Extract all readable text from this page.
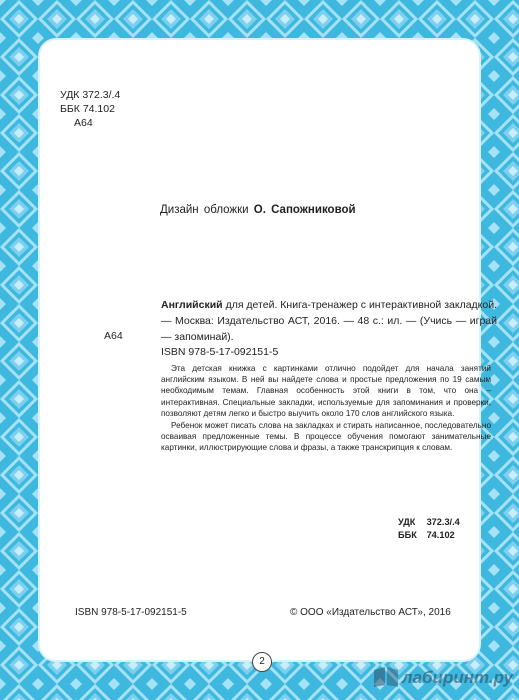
УДК 372.3/.4
ББК 74.102
А64
Дизайн обложки О. Сапожниковой
А64
Английский для детей. Книга-тренажер с интерактивной закладкой. — Москва: Издательство АСТ, 2016. — 48 с.: ил. — (Учись — играй — запоминай).
ISBN 978-5-17-092151-5

Эта детская книжка с картинками отлично подойдет для начала занятий английским языком. В ней вы найдете слова и простые предложения по 19 самым необходимым темам. Главная особенность этой книги в том, что она – интерактивная. Специальные закладки, используемые для запоминания и проверки, позволяют детям легко и быстро выучить около 170 слов английского языка.

Ребенок может писать слова на закладках и стирать написанное, последовательно осваивая предложенные темы. В процессе обучения помогают занимательные картинки, иллюстрирующие слова и фразы, а также транскрипция к словам.

УДК 372.3/.4
ББК 74.102
ISBN 978-5-17-092151-5	© ООО «Издательство АСТ», 2016
2
лабиринт.ру
